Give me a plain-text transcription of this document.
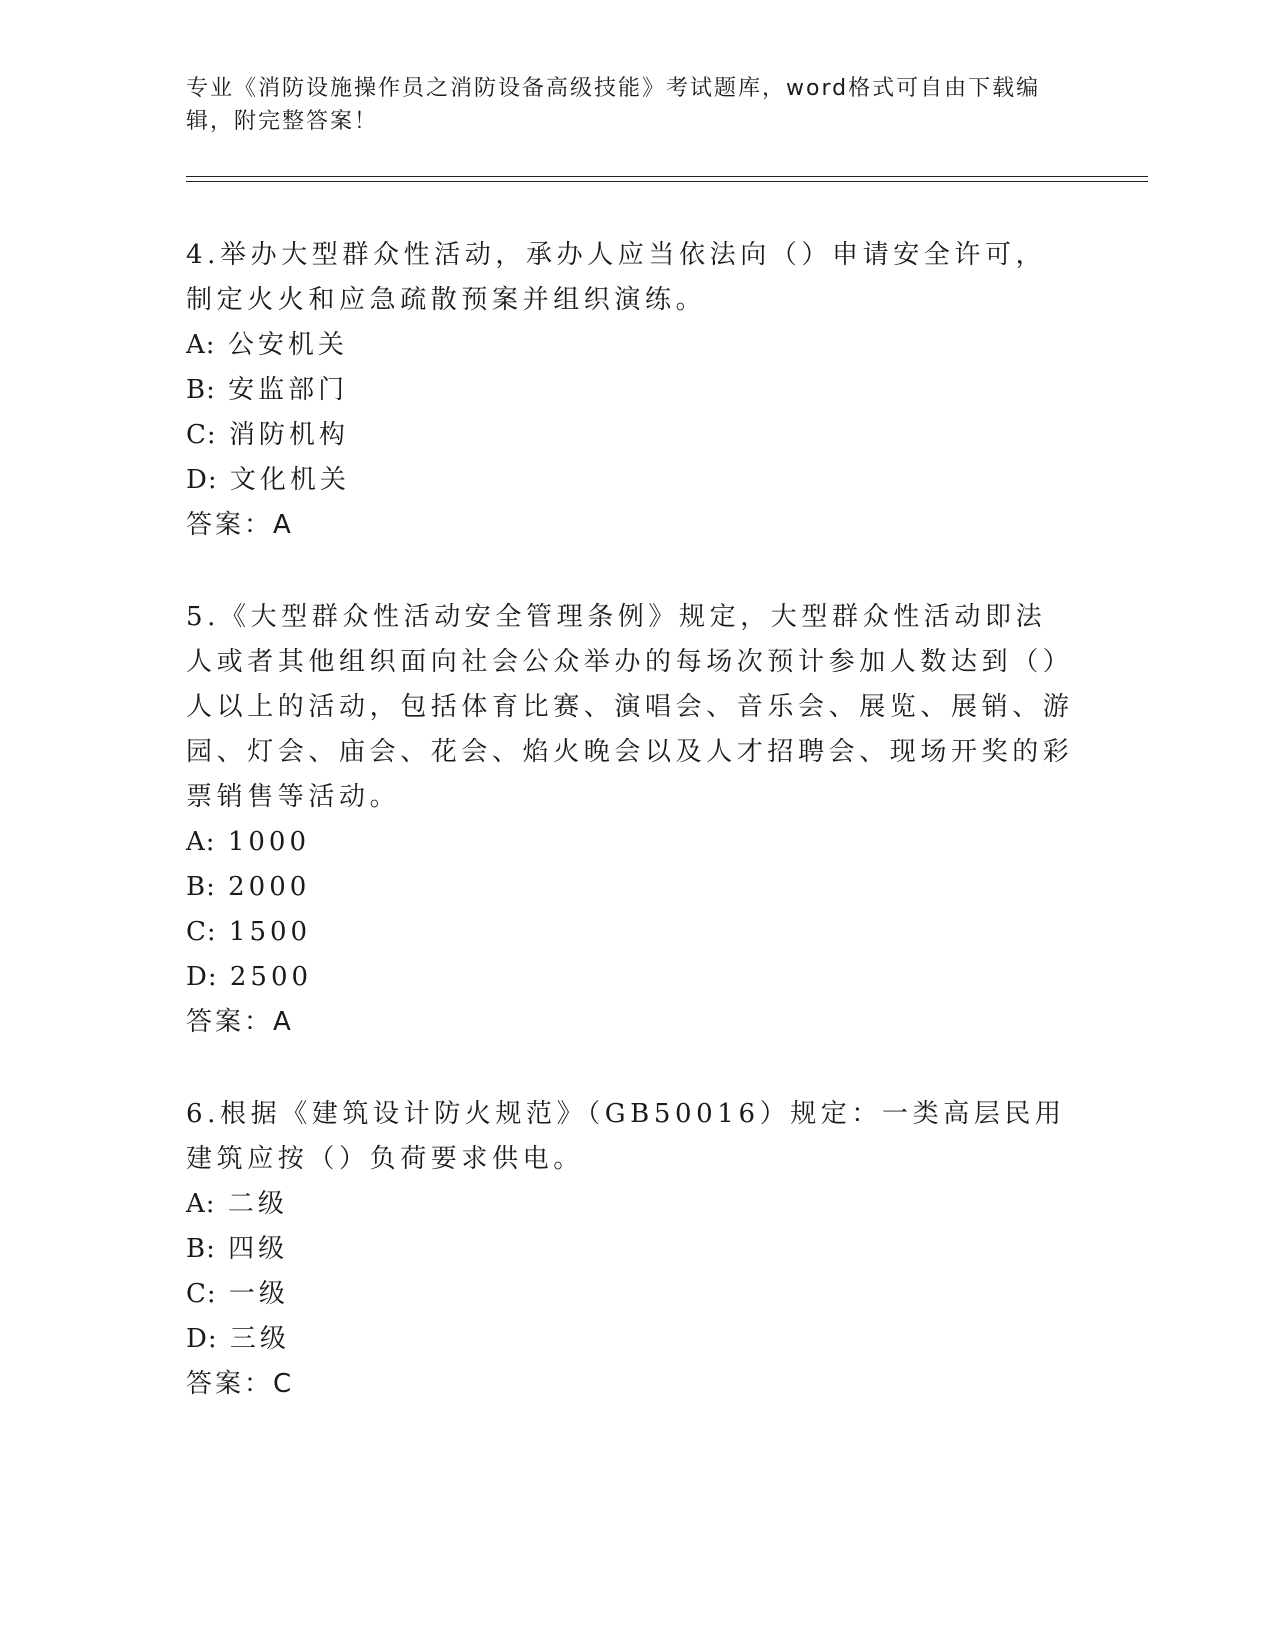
专业《消防设施操作员之消防设备高级技能》考试题库，word格式可自由下载编辑，附完整答案！

4.举办大型群众性活动，承办人应当依法向（）申请安全许可，制定火火和应急疏散预案并组织演练。

A: 公安机关

B: 安监部门

C: 消防机构

D: 文化机关

答案：A

5.《大型群众性活动安全管理条例》规定，大型群众性活动即法人或者其他组织面向社会公众举办的每场次预计参加人数达到（）人以上的活动，包括体育比赛、演唱会、音乐会、展览、展销、游园、灯会、庙会、花会、焰火晚会以及人才招聘会、现场开奖的彩票销售等活动。

A: 1000

B: 2000

C: 1500

D: 2500

答案：A

6.根据《建筑设计防火规范》（GB50016）规定：一类高层民用建筑应按（）负荷要求供电。

A: 二级

B: 四级

C: 一级

D: 三级

答案：C
